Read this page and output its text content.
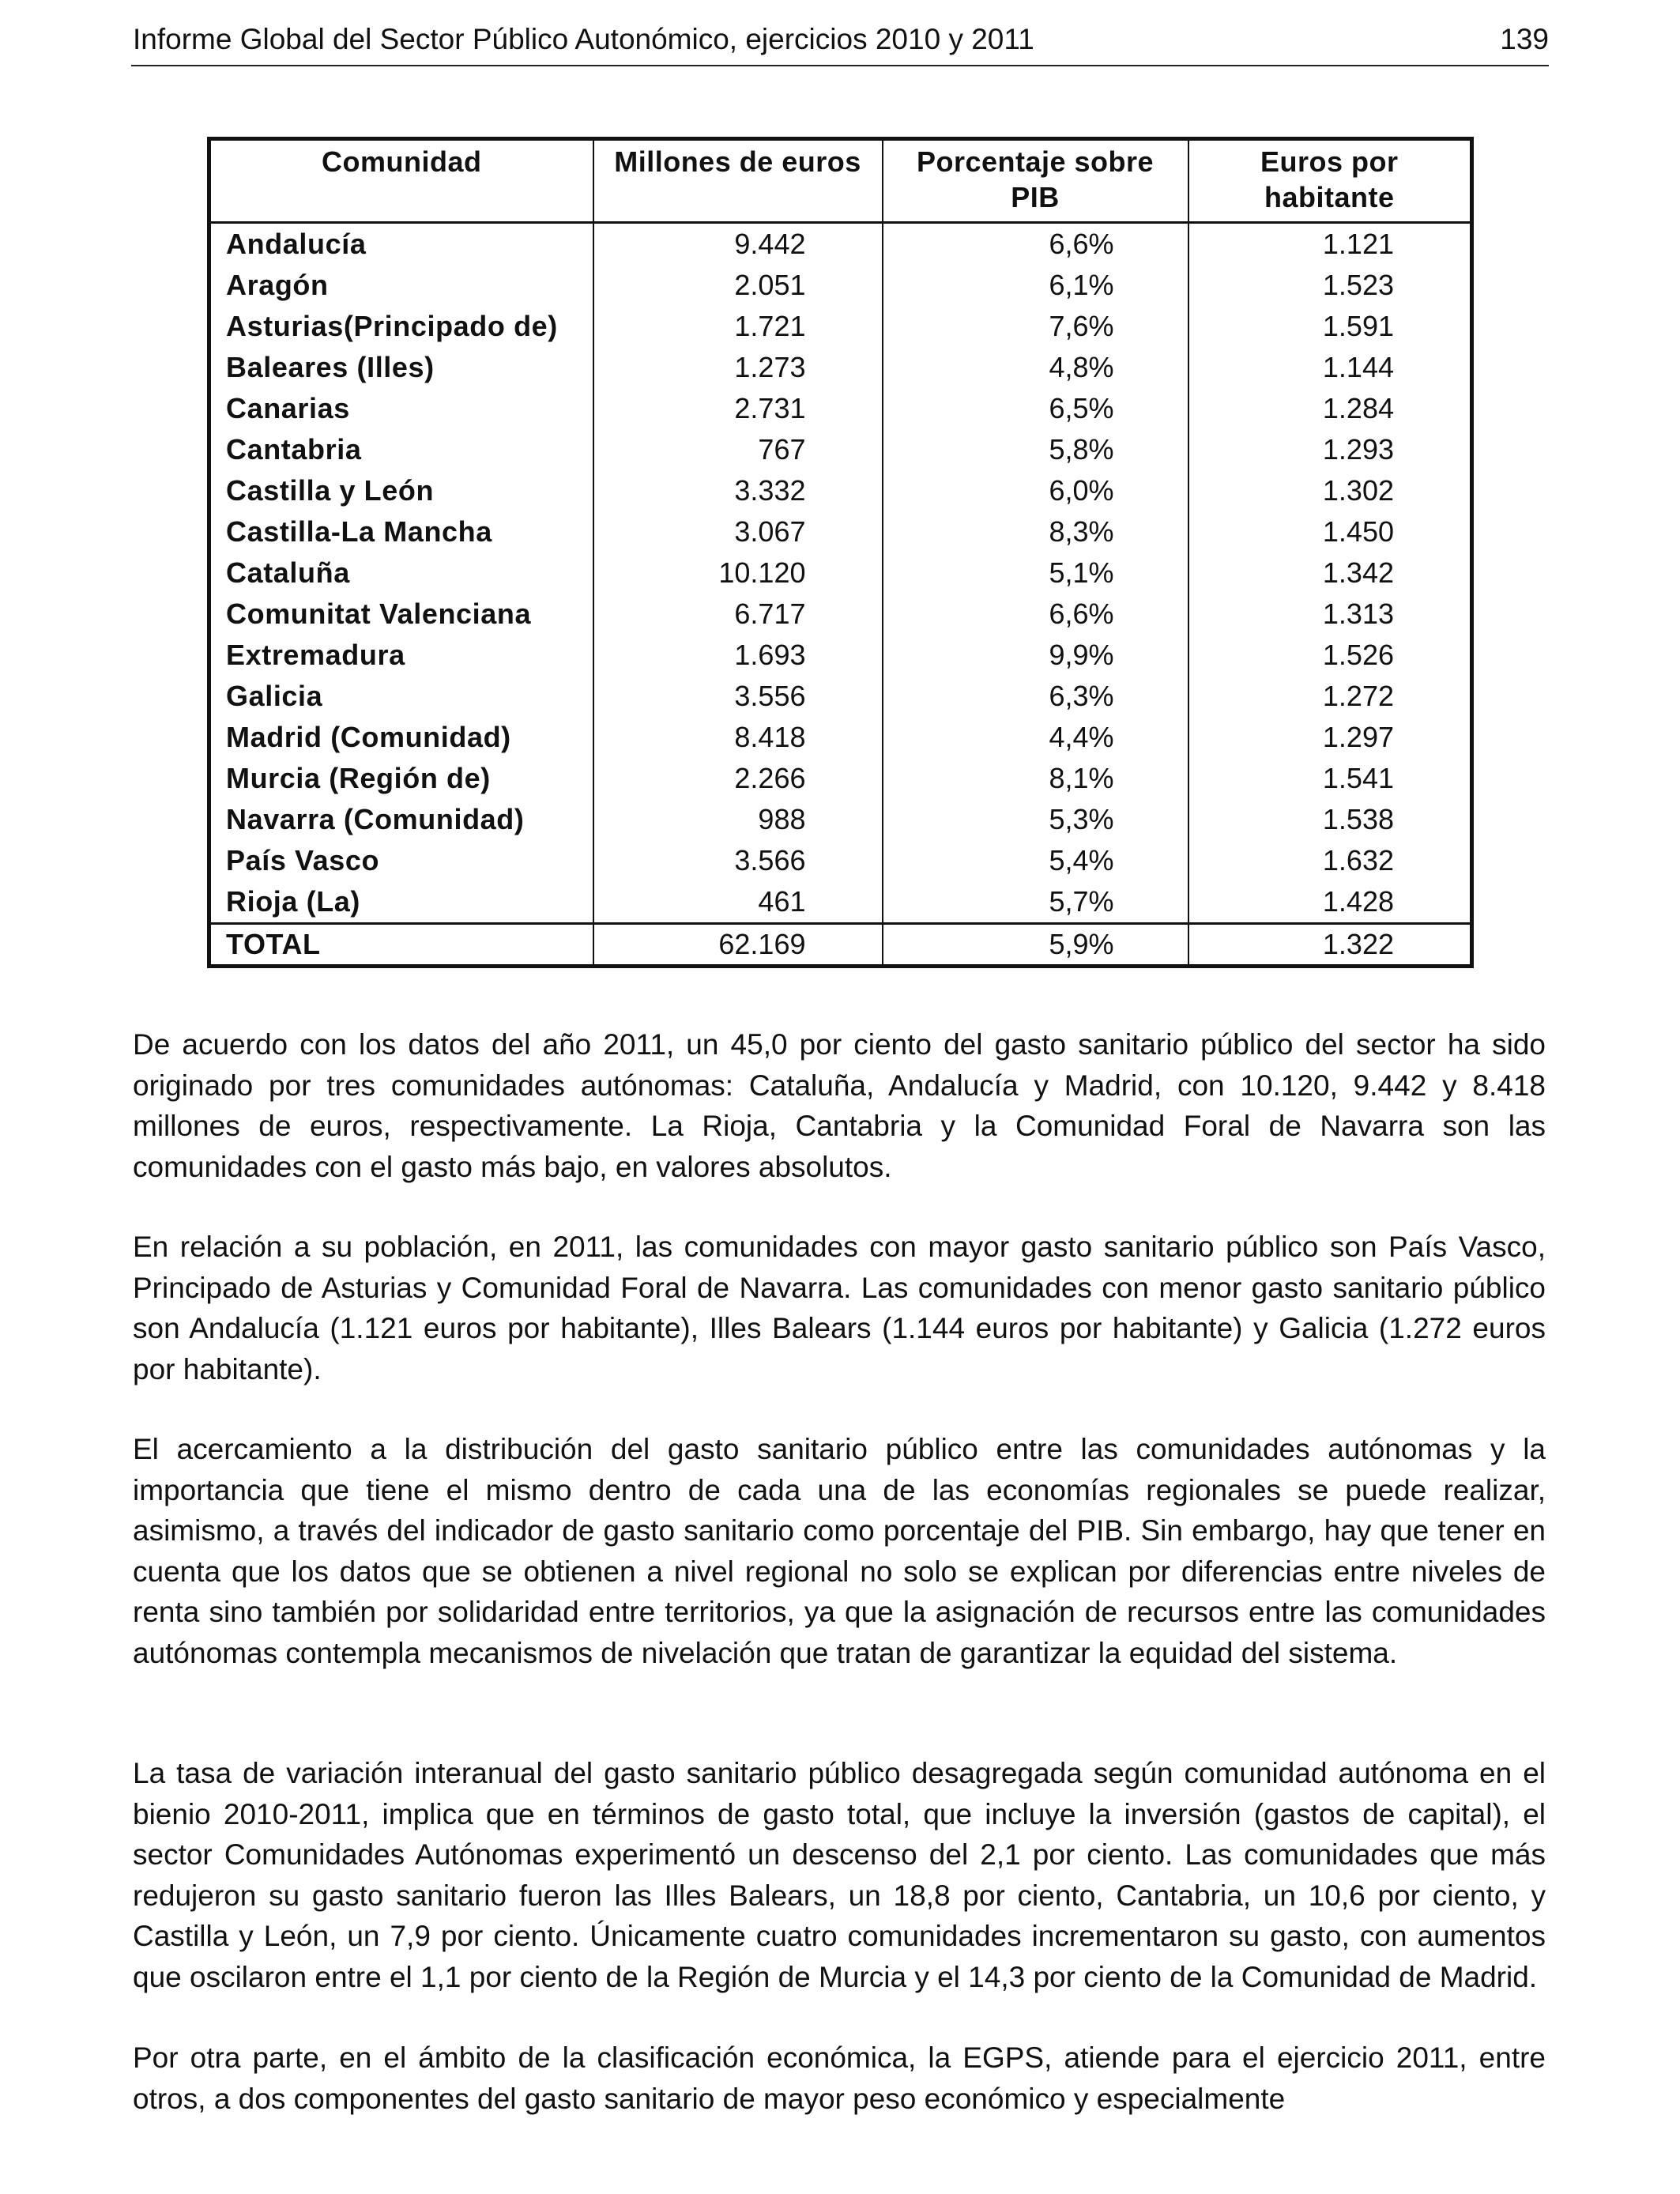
Informe Global del Sector Público Autonómico, ejercicios 2010 y 2011	139
Comunidad	Millones de euros	Porcentaje sobre PIB	Euros por habitante
Andalucía	9.442	6,6%	1.121
Aragón	2.051	6,1%	1.523
Asturias(Principado de)	1.721	7,6%	1.591
Baleares (Illes)	1.273	4,8%	1.144
Canarias	2.731	6,5%	1.284
Cantabria	767	5,8%	1.293
Castilla y León	3.332	6,0%	1.302
Castilla-La Mancha	3.067	8,3%	1.450
Cataluña	10.120	5,1%	1.342
Comunitat Valenciana	6.717	6,6%	1.313
Extremadura	1.693	9,9%	1.526
Galicia	3.556	6,3%	1.272
Madrid (Comunidad)	8.418	4,4%	1.297
Murcia (Región de)	2.266	8,1%	1.541
Navarra (Comunidad)	988	5,3%	1.538
País Vasco	3.566	5,4%	1.632
Rioja (La)	461	5,7%	1.428
TOTAL	62.169	5,9%	1.322

De acuerdo con los datos del año 2011, un 45,0 por ciento del gasto sanitario público del sector ha sido originado por tres comunidades autónomas: Cataluña, Andalucía y Madrid, con 10.120, 9.442 y 8.418 millones de euros, respectivamente. La Rioja, Cantabria y la Comunidad Foral de Navarra son las comunidades con el gasto más bajo, en valores absolutos.

En relación a su población, en 2011, las comunidades con mayor gasto sanitario público son País Vasco, Principado de Asturias y Comunidad Foral de Navarra. Las comunidades con menor gasto sanitario público son Andalucía (1.121 euros por habitante), Illes Balears (1.144 euros por habitante) y Galicia (1.272 euros por habitante).

El acercamiento a la distribución del gasto sanitario público entre las comunidades autónomas y la importancia que tiene el mismo dentro de cada una de las economías regionales se puede realizar, asimismo, a través del indicador de gasto sanitario como porcentaje del PIB. Sin embargo, hay que tener en cuenta que los datos que se obtienen a nivel regional no solo se explican por diferencias entre niveles de renta sino también por solidaridad entre territorios, ya que la asignación de recursos entre las comunidades autónomas contempla mecanismos de nivelación que tratan de garantizar la equidad del sistema.

La tasa de variación interanual del gasto sanitario público desagregada según comunidad autónoma en el bienio 2010-2011, implica que en términos de gasto total, que incluye la inversión (gastos de capital), el sector Comunidades Autónomas experimentó un descenso del 2,1 por ciento. Las comunidades que más redujeron su gasto sanitario fueron las Illes Balears, un 18,8 por ciento, Cantabria, un 10,6 por ciento, y Castilla y León, un 7,9 por ciento. Únicamente cuatro comunidades incrementaron su gasto, con aumentos que oscilaron entre el 1,1 por ciento de la Región de Murcia y el 14,3 por ciento de la Comunidad de Madrid.

Por otra parte, en el ámbito de la clasificación económica, la EGPS, atiende para el ejercicio 2011, entre otros, a dos componentes del gasto sanitario de mayor peso económico y especialmente
